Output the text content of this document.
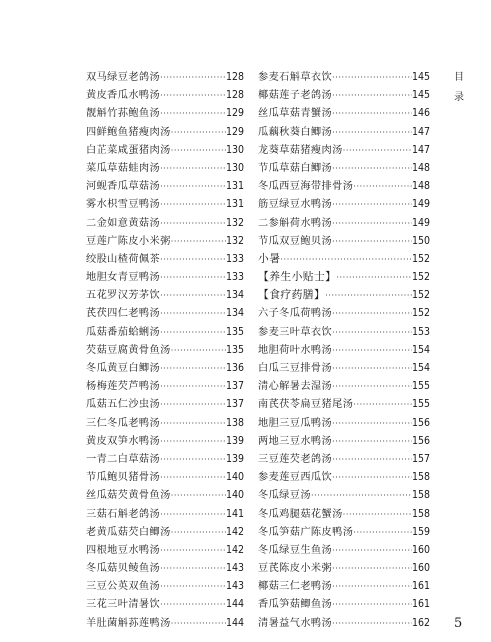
双马绿豆老鸽汤 ·····	128
黄皮香瓜水鸭汤 ·····	128
靓斛竹荪鲍鱼汤 ·····	129
四鲜鲍鱼猪瘦肉汤 ·····	129
白芷菜咸蛋猪肉汤 ·····	130
菜瓜草菇蛙肉汤 ·····	130
河蚬香瓜草菇汤 ·····	131
雾水枳雪豆鸭汤 ·····	131
二金如意黄菇汤 ·····	132
豆莲广陈皮小米粥 ·····	132
绞股山楂荷佩茶 ·····	133
地胆女青豆鸭汤 ·····	133
五花罗汉芳茅饮 ·····	134
芪茯四仁老鸭汤 ·····	134
瓜菇番茄蛤蜊汤 ·····	135
芡菇豆腐黄骨鱼汤 ·····	135
冬瓜黄豆白鲫汤 ·····	136
杨梅莲芡芦鸭汤 ·····	137
瓜菇五仁沙虫汤 ·····	137
三仁冬瓜老鸭汤 ·····	138
黄皮双笋水鸭汤 ·····	139
一青二白草菇汤 ·····	139
节瓜鲍贝猪骨汤 ·····	140
丝瓜菇芡黄骨鱼汤 ·····	140
三菇石斛老鸽汤 ·····	141
老黄瓜菇芡白鲫汤 ·····	142
四根地豆水鸭汤 ·····	142
冬瓜菇贝鲮鱼汤 ·····	143
三豆公英双鱼汤 ·····	143
三花三叶清暑饮 ·····	144
羊肚菌斛荪莲鸭汤 ·····	144
参麦石斛草衣饮 ·····	145
椰菇莲子老鸽汤 ·····	145
丝瓜草菇青蟹汤 ·····	146
瓜藕秋葵白鲫汤 ·····	147
龙葵草菇猪瘦肉汤 ·····	147
节瓜草菇白鲫汤 ·····	148
冬瓜西豆海带排骨汤 ·····	148
筋豆绿豆水鸭汤 ·····	149
二参斛荷水鸭汤 ·····	149
节瓜双豆鲍贝汤 ·····	150
小暑 ·····	152
【养生小贴士】 ·····	152
【食疗药膳】 ·····	152
六子冬瓜荷鸭汤 ·····	152
参麦三叶草衣饮 ·····	153
地胆荷叶水鸭汤 ·····	154
白瓜三豆排骨汤 ·····	154
清心解暑去湿汤 ·····	155
南芪茯苓扁豆猪尾汤 ·····	155
地胆三豆瓜鸭汤 ·····	156
两地三豆水鸭汤 ·····	156
三豆莲芡老鸽汤 ·····	157
参麦莲豆西瓜饮 ·····	158
冬瓜绿豆汤 ·····	158
冬瓜鸡腿菇花蟹汤 ·····	158
冬瓜笋菇广陈皮鸭汤 ·····	159
冬瓜绿豆生鱼汤 ·····	160
豆芪陈皮小米粥 ·····	160
椰菇三仁老鸭汤 ·····	161
香瓜笋菇鲫鱼汤 ·····	161
清暑益气水鸭汤 ·····	162
目
录
5
